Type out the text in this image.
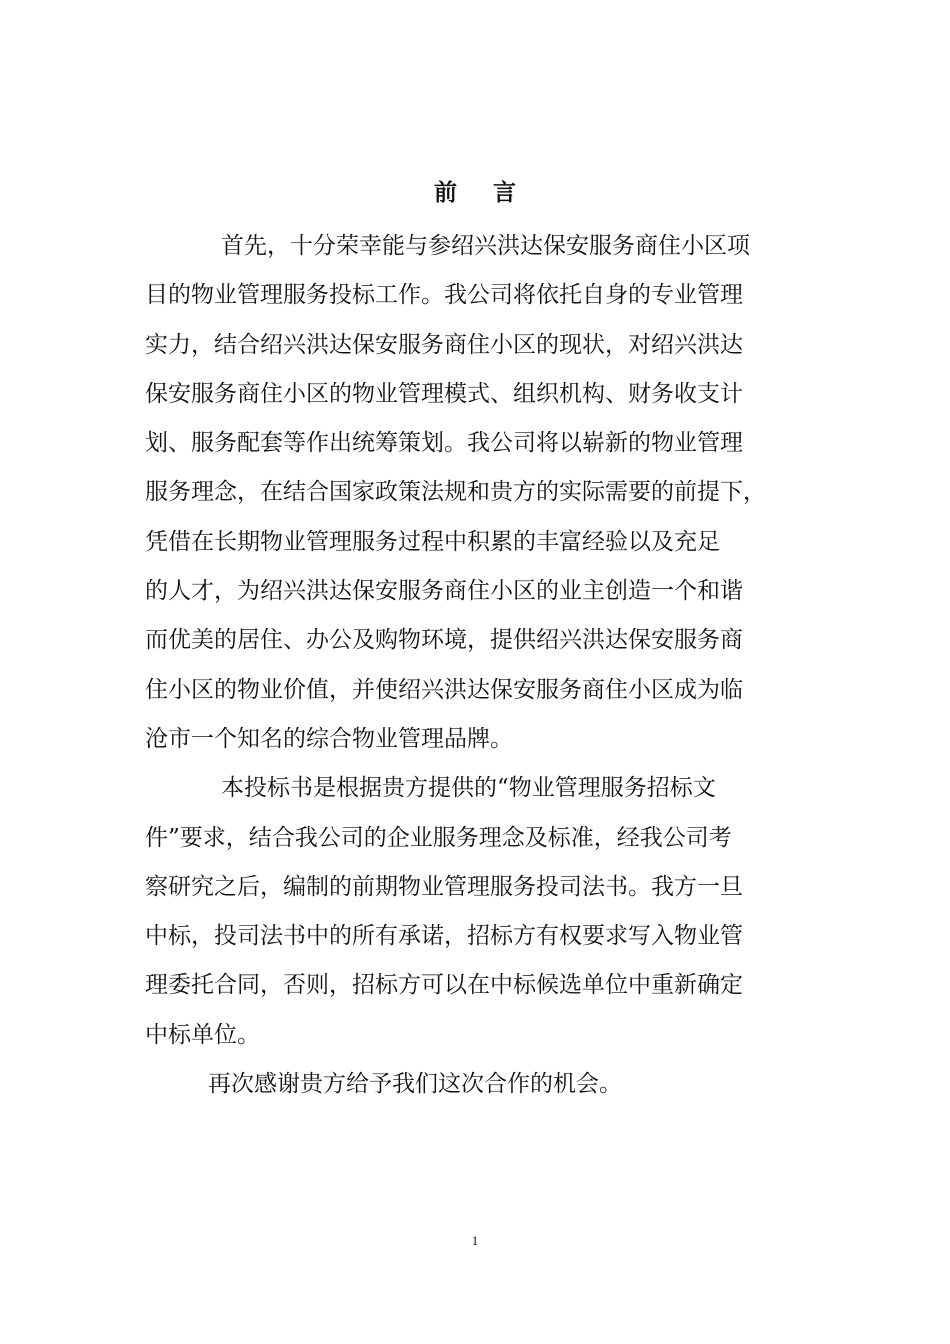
前 言

首先，十分荣幸能与参绍兴洪达保安服务商住小区项
目的物业管理服务投标工作。我公司将依托自身的专业管理
实力，结合绍兴洪达保安服务商住小区的现状，对绍兴洪达
保安服务商住小区的物业管理模式、组织机构、财务收支计
划、服务配套等作出统筹策划。我公司将以崭新的物业管理
服务理念，在结合国家政策法规和贵方的实际需要的前提下，
凭借在长期物业管理服务过程中积累的丰富经验以及充足
的人才，为绍兴洪达保安服务商住小区的业主创造一个和谐
而优美的居住、办公及购物环境，提供绍兴洪达保安服务商
住小区的物业价值，并使绍兴洪达保安服务商住小区成为临
沧市一个知名的综合物业管理品牌。

本投标书是根据贵方提供的“物业管理服务招标文
件”要求，结合我公司的企业服务理念及标准，经我公司考
察研究之后，编制的前期物业管理服务投司法书。我方一旦
中标，投司法书中的所有承诺，招标方有权要求写入物业管
理委托合同，否则，招标方可以在中标候选单位中重新确定
中标单位。

再次感谢贵方给予我们这次合作的机会。

1
